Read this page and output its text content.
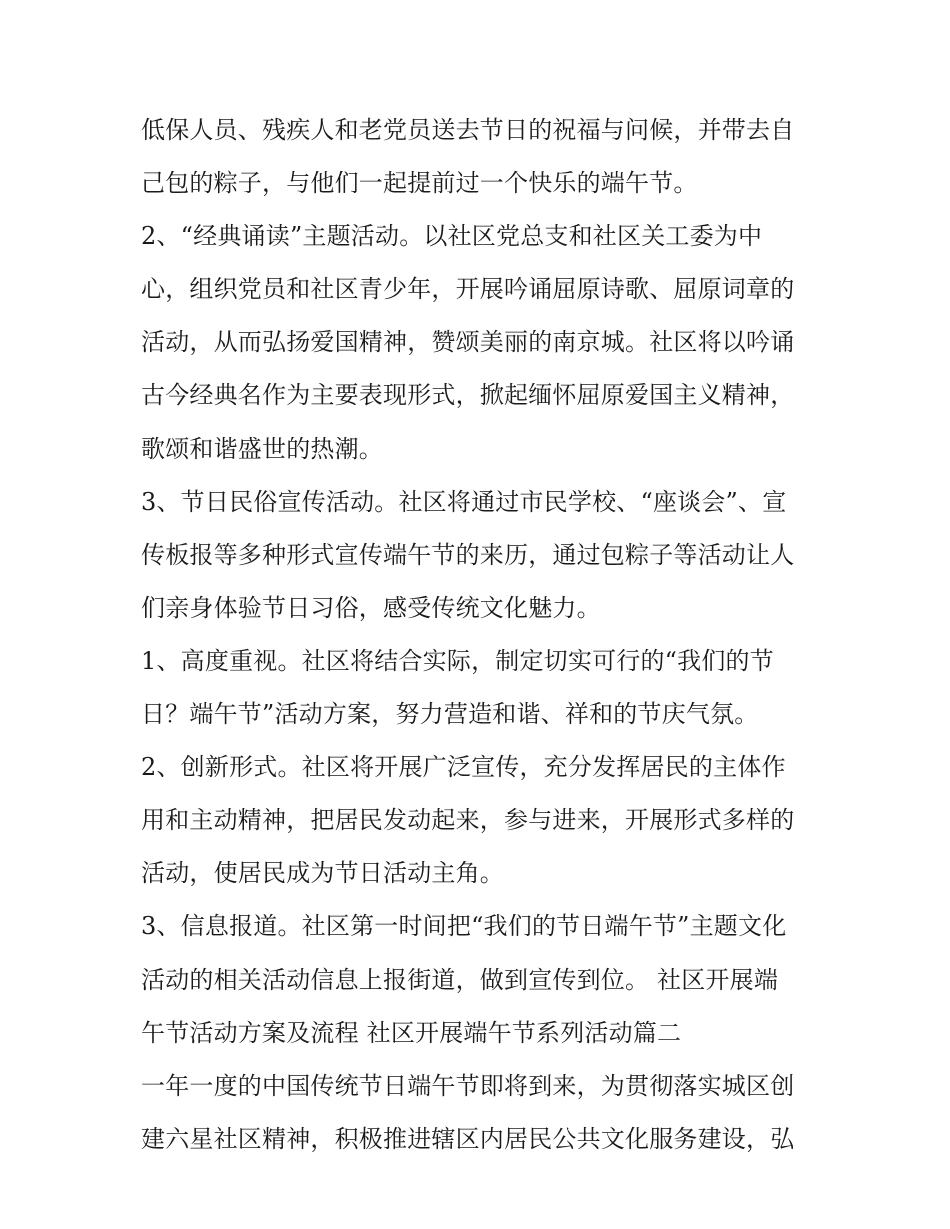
低保人员、残疾人和老党员送去节日的祝福与问候，并带去自
己包的粽子，与他们一起提前过一个快乐的端午节。
2、“经典诵读”主题活动。以社区党总支和社区关工委为中
心，组织党员和社区青少年，开展吟诵屈原诗歌、屈原词章的
活动，从而弘扬爱国精神，赞颂美丽的南京城。社区将以吟诵
古今经典名作为主要表现形式，掀起缅怀屈原爱国主义精神，
歌颂和谐盛世的热潮。
3、节日民俗宣传活动。社区将通过市民学校、“座谈会”、宣
传板报等多种形式宣传端午节的来历，通过包粽子等活动让人
们亲身体验节日习俗，感受传统文化魅力。
1、高度重视。社区将结合实际，制定切实可行的“我们的节
日？端午节”活动方案，努力营造和谐、祥和的节庆气氛。
2、创新形式。社区将开展广泛宣传，充分发挥居民的主体作
用和主动精神，把居民发动起来，参与进来，开展形式多样的
活动，使居民成为节日活动主角。
3、信息报道。社区第一时间把“我们的节日端午节”主题文化
活动的相关活动信息上报街道，做到宣传到位。 社区开展端
午节活动方案及流程 社区开展端午节系列活动篇二
一年一度的中国传统节日端午节即将到来，为贯彻落实城区创
建六星社区精神，积极推进辖区内居民公共文化服务建设，弘
